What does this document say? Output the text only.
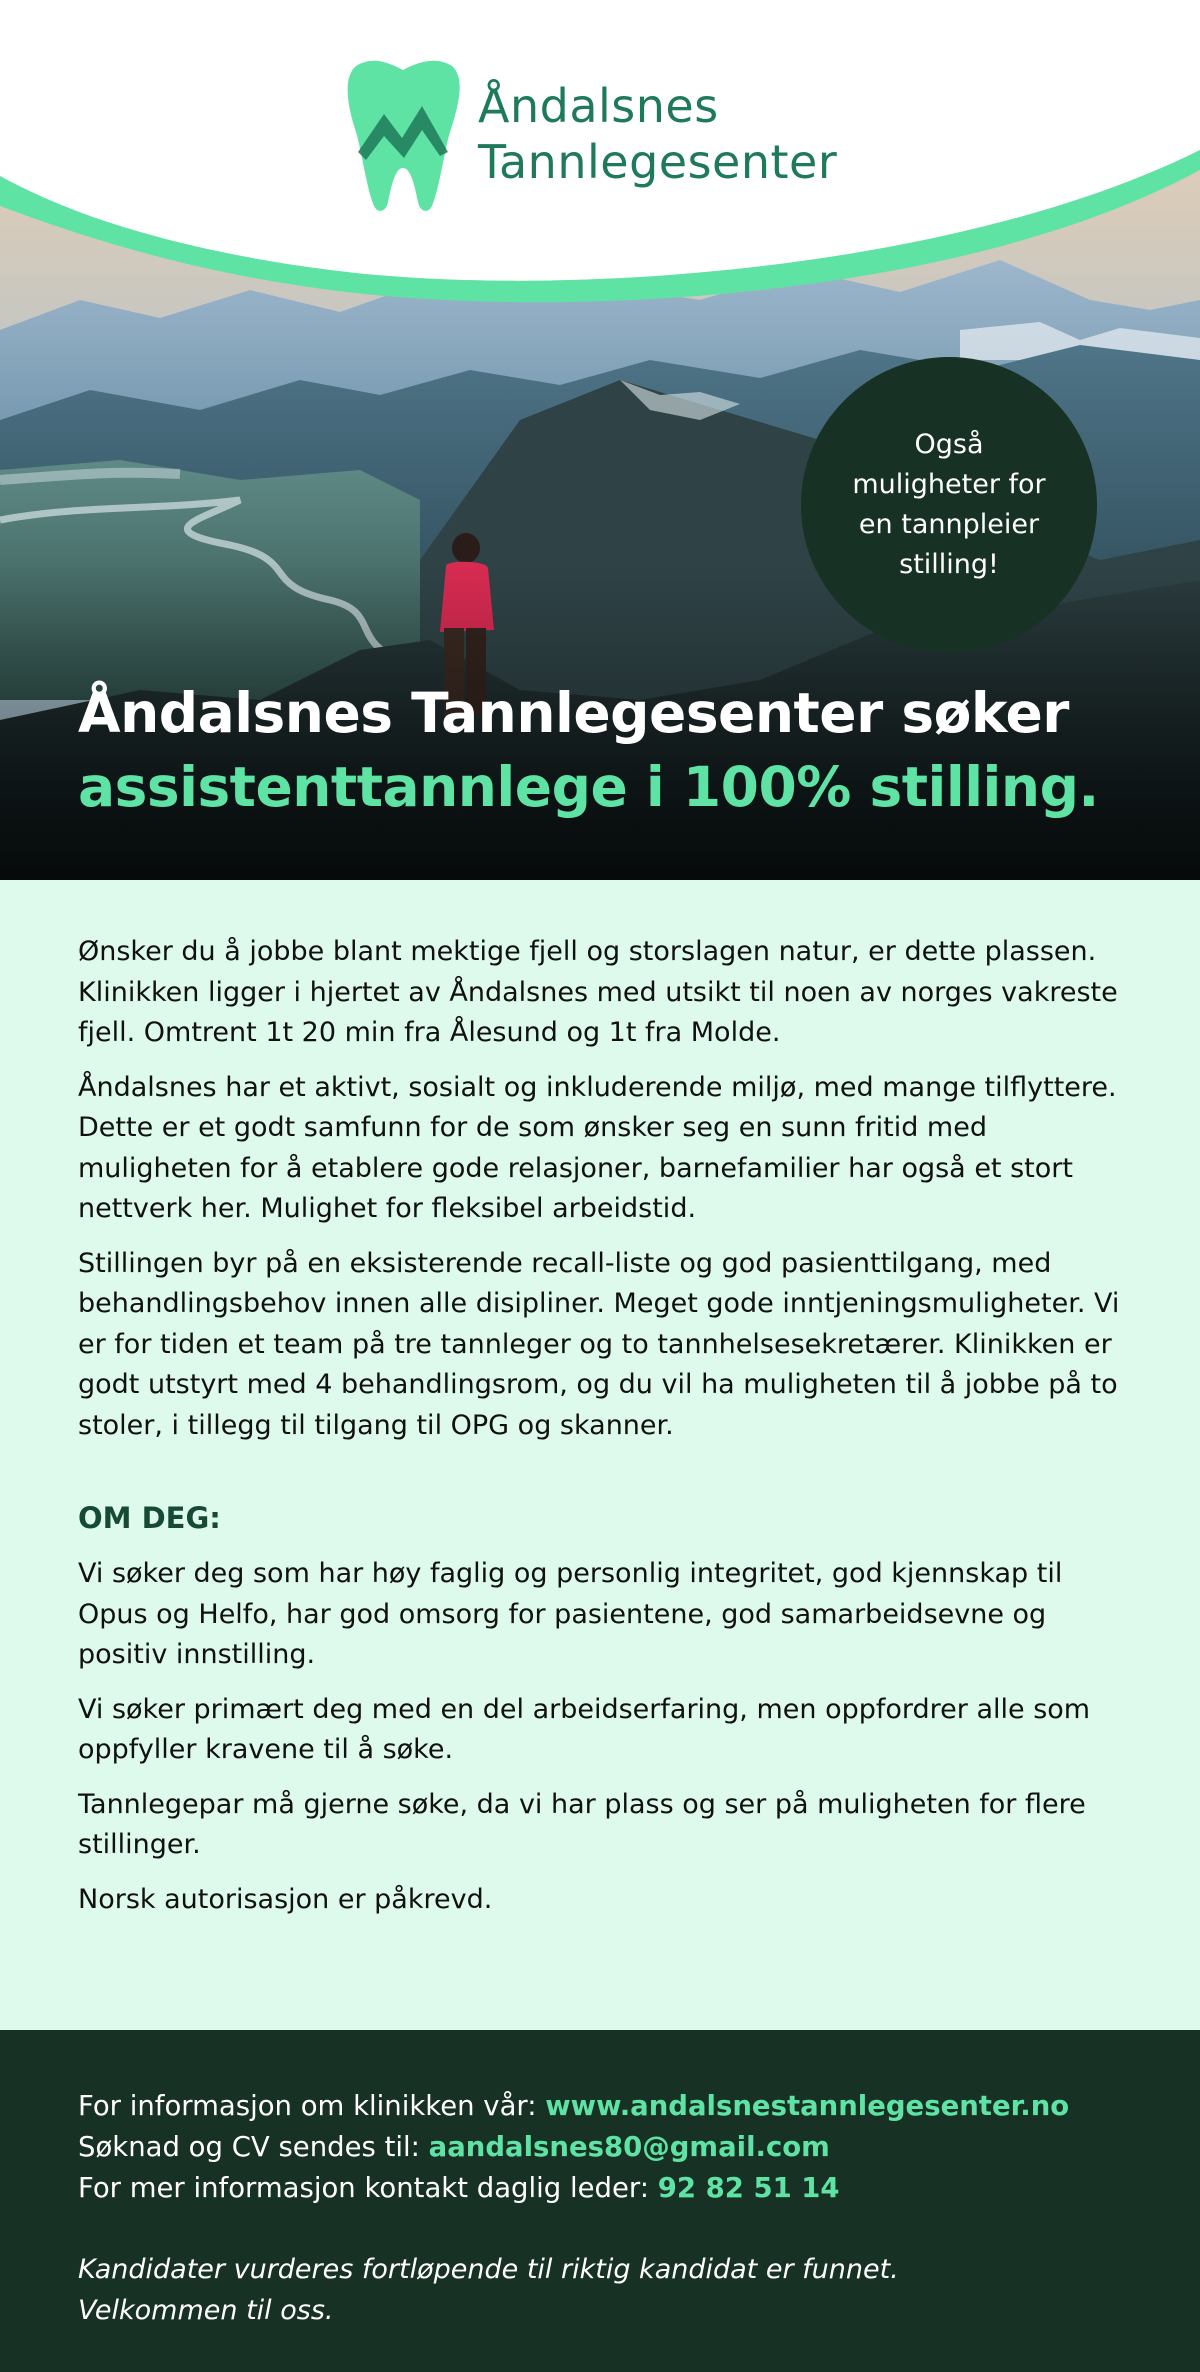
Åndalsnes
Tannlegesenter
Også muligheter for en tannpleier stilling!
Åndalsnes Tannlegesenter søker
assistenttannlege i 100% stilling.

Ønsker du å jobbe blant mektige fjell og storslagen natur, er dette plassen. Klinikken ligger i hjertet av Åndalsnes med utsikt til noen av norges vakreste fjell. Omtrent 1t 20 min fra Ålesund og 1t fra Molde.

Åndalsnes har et aktivt, sosialt og inkluderende miljø, med mange tilflyttere. Dette er et godt samfunn for de som ønsker seg en sunn fritid med muligheten for å etablere gode relasjoner, barnefamilier har også et stort nettverk her. Mulighet for fleksibel arbeidstid.

Stillingen byr på en eksisterende recall-liste og god pasienttilgang, med behandlingsbehov innen alle disipliner. Meget gode inntjeningsmuligheter. Vi er for tiden et team på tre tannleger og to tannhelsesekretærer. Klinikken er godt utstyrt med 4 behandlingsrom, og du vil ha muligheten til å jobbe på to stoler, i tillegg til tilgang til OPG og skanner.

OM DEG:

Vi søker deg som har høy faglig og personlig integritet, god kjennskap til Opus og Helfo, har god omsorg for pasientene, god samarbeidsevne og positiv innstilling.

Vi søker primært deg med en del arbeidserfaring, men oppfordrer alle som oppfyller kravene til å søke.

Tannlegepar må gjerne søke, da vi har plass og ser på muligheten for flere stillinger.

Norsk autorisasjon er påkrevd.

For informasjon om klinikken vår: www.andalsnestannlegesenter.no
Søknad og CV sendes til: aandalsnes80@gmail.com
For mer informasjon kontakt daglig leder: 92 82 51 14
Kandidater vurderes fortløpende til riktig kandidat er funnet.
Velkommen til oss.
